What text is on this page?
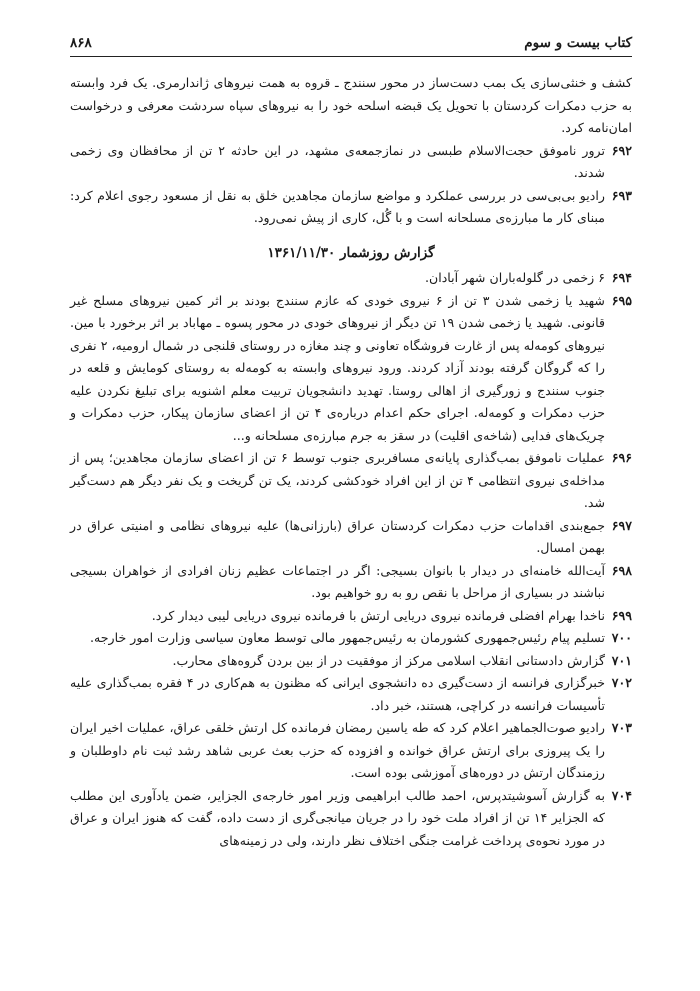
کتاب بیست و سوم
۸۶۸

کشف و خنثی‌سازی یک بمب دست‌ساز در محور سنندج ـ قروه به همت نیروهای ژاندارمری. یک فرد وابسته به حزب دمکرات کردستان با تحویل یک قبضه اسلحه خود را به نیروهای سپاه سردشت معرفی و درخواست امان‌نامه کرد.

۶۹۲
ترور ناموفق حجت‌الاسلام طبسی در نمازجمعه‌ی مشهد، در این حادثه ۲ تن از محافظان وی زخمی شدند.
۶۹۳
رادیو بی‌بی‌سی در بررسی عملکرد و مواضع سازمان مجاهدین خلق به نقل از مسعود رجوی اعلام کرد: مبنای کار ما مبارزه‌ی مسلحانه است و با گُل، کاری از پیش نمی‌رود.
گزارش روزشمار ۱۳۶۱/۱۱/۳۰
۶۹۴
۶ زخمی در گلوله‌باران شهر آبادان.
۶۹۵
شهید یا زخمی شدن ۳ تن از ۶ نیروی خودی که عازم سنندج بودند بر اثر کمین نیروهای مسلح غیر قانونی. شهید یا زخمی شدن ۱۹ تن دیگر از نیروهای خودی در محور پسوه ـ مهاباد بر اثر برخورد با مین. نیروهای کومه‌له پس از غارت فروشگاه تعاونی و چند مغازه در روستای قلنجی در شمال ارومیه، ۲ نفری را که گروگان گرفته بودند آزاد کردند. ورود نیروهای وابسته به کومه‌له به روستای کومایش و قلعه در جنوب سنندج و زورگیری از اهالی روستا. تهدید دانشجویان تربیت معلم اشنویه برای تبلیغ نکردن علیه حزب دمکرات و کومه‌له. اجرای حکم اعدام درباره‌ی ۴ تن از اعضای سازمان پیکار، حزب دمکرات و چریک‌های فدایی (شاخه‌ی اقلیت) در سقز به جرم مبارزه‌ی مسلحانه و...
۶۹۶
عملیات ناموفق بمب‌گذاری پایانه‌ی مسافربری جنوب توسط ۶ تن از اعضای سازمان مجاهدین؛ پس از مداخله‌ی نیروی انتظامی ۴ تن از این افراد خودکشی کردند، یک تن گریخت و یک نفر دیگر هم دست‌گیر شد.
۶۹۷
جمع‌بندی اقدامات حزب دمکرات کردستان عراق (بارزانی‌ها) علیه نیروهای نظامی و امنیتی عراق در بهمن امسال.
۶۹۸
آیت‌الله خامنه‌ای در دیدار با بانوان بسیجی: اگر در اجتماعات عظیم زنان افرادی از خواهران بسیجی نباشند در بسیاری از مراحل با نقص رو به رو خواهیم بود.
۶۹۹
ناخدا بهرام افضلی فرمانده نیروی دریایی ارتش با فرمانده نیروی دریایی لیبی دیدار کرد.
۷۰۰
تسلیم پیام رئیس‌جمهوری کشورمان به رئیس‌جمهور مالی توسط معاون سیاسی وزارت امور خارجه.
۷۰۱
گزارش دادستانی انقلاب اسلامی مرکز از موفقیت در از بین بردن گروه‌های محارب.
۷۰۲
خبرگزاری فرانسه از دست‌گیری ده دانشجوی ایرانی که مظنون به هم‌کاری در ۴ فقره بمب‌گذاری علیه تأسیسات فرانسه در کراچی، هستند، خبر داد.
۷۰۳
رادیو صوت‌الجماهیر اعلام کرد که طه یاسین رمضان فرمانده کل ارتش خلقی عراق، عملیات اخیر ایران را یک پیروزی برای ارتش عراق خوانده و افزوده که حزب بعث عربی شاهد رشد ثبت نام داوطلبان و رزمندگان ارتش در دوره‌های آموزشی بوده است.
۷۰۴
به گزارش آسوشیتدپرس، احمد طالب ابراهیمی وزیر امور خارجه‌ی الجزایر، ضمن یادآوری این مطلب که الجزایر ۱۴ تن از افراد ملت خود را در جریان میانجی‌گری از دست داده، گفت که هنوز ایران و عراق در مورد نحوه‌ی پرداخت غرامت جنگی اختلاف نظر دارند، ولی در زمینه‌های
